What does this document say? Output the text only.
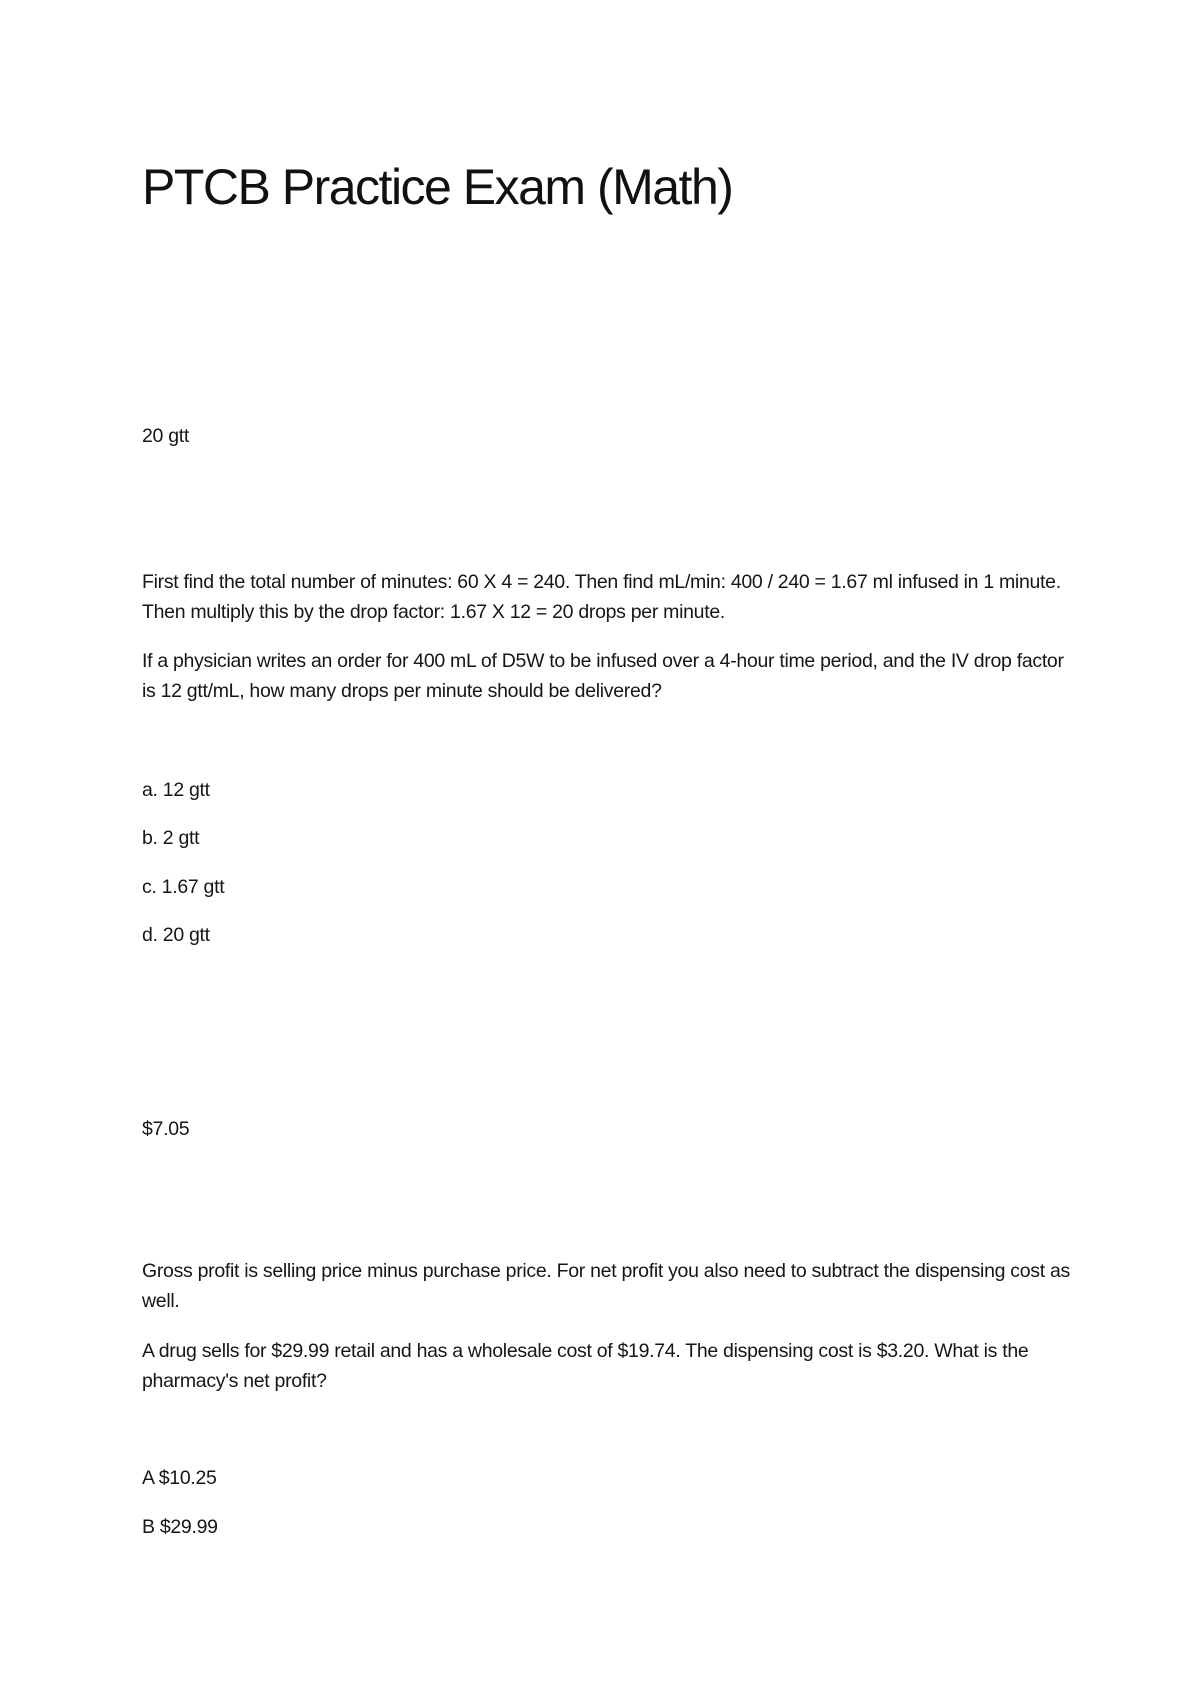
PTCB Practice Exam (Math)

20 gtt

First find the total number of minutes: 60 X 4 = 240. Then find mL/min: 400 / 240 = 1.67 ml infused in 1 minute. Then multiply this by the drop factor: 1.67 X 12 = 20 drops per minute.

If a physician writes an order for 400 mL of D5W to be infused over a 4-hour time period, and the IV drop factor is 12 gtt/mL, how many drops per minute should be delivered?

a. 12 gtt

b. 2 gtt

c. 1.67 gtt

d. 20 gtt

$7.05

Gross profit is selling price minus purchase price. For net profit you also need to subtract the dispensing cost as well.

A drug sells for $29.99 retail and has a wholesale cost of $19.74. The dispensing cost is $3.20. What is the pharmacy's net profit?

A $10.25

B $29.99
